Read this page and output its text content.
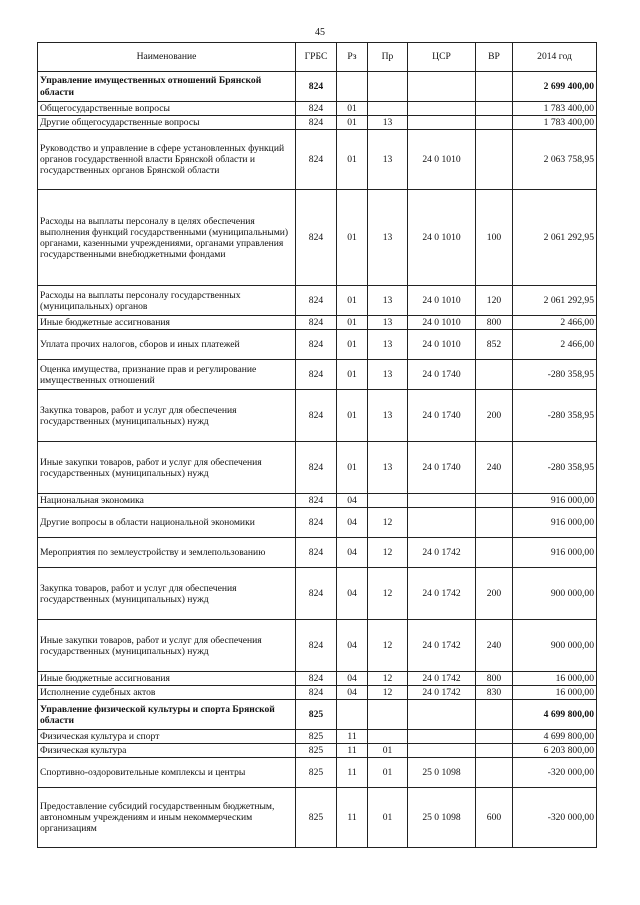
45
Наименование	ГРБС	Рз	Пр	ЦСР	ВР	2014 год
Управление имущественных отношений Брянской области	824					2 699 400,00
Общегосударственные вопросы	824	01				1 783 400,00
Другие общегосударственные вопросы	824	01	13			1 783 400,00
Руководство и управление в сфере установленных функций органов государственной власти Брянской области и государственных органов Брянской области	824	01	13	24 0 1010		2 063 758,95
Расходы на выплаты персоналу в целях обеспечения выполнения функций государственными (муниципальными) органами, казенными учреждениями, органами управления государственными внебюджетными фондами	824	01	13	24 0 1010	100	2 061 292,95
Расходы на выплаты персоналу государственных (муниципальных) органов	824	01	13	24 0 1010	120	2 061 292,95
Иные бюджетные ассигнования	824	01	13	24 0 1010	800	2 466,00
Уплата прочих налогов, сборов и иных платежей	824	01	13	24 0 1010	852	2 466,00
Оценка имущества, признание прав и регулирование имущественных отношений	824	01	13	24 0 1740		-280 358,95
Закупка товаров, работ и услуг для обеспечения государственных (муниципальных) нужд	824	01	13	24 0 1740	200	-280 358,95
Иные закупки товаров, работ и услуг для обеспечения государственных (муниципальных) нужд	824	01	13	24 0 1740	240	-280 358,95
Национальная экономика	824	04				916 000,00
Другие вопросы в области национальной экономики	824	04	12			916 000,00
Мероприятия по землеустройству и землепользованию	824	04	12	24 0 1742		916 000,00
Закупка товаров, работ и услуг для обеспечения государственных (муниципальных) нужд	824	04	12	24 0 1742	200	900 000,00
Иные закупки товаров, работ и услуг для обеспечения государственных (муниципальных) нужд	824	04	12	24 0 1742	240	900 000,00
Иные бюджетные ассигнования	824	04	12	24 0 1742	800	16 000,00
Исполнение судебных актов	824	04	12	24 0 1742	830	16 000,00
Управление физической культуры и спорта Брянской области	825					4 699 800,00
Физическая культура и спорт	825	11				4 699 800,00
Физическая культура	825	11	01			6 203 800,00
Спортивно-оздоровительные комплексы и центры	825	11	01	25 0 1098		-320 000,00
Предоставление субсидий государственным бюджетным, автономным учреждениям и иным некоммерческим организациям	825	11	01	25 0 1098	600	-320 000,00
